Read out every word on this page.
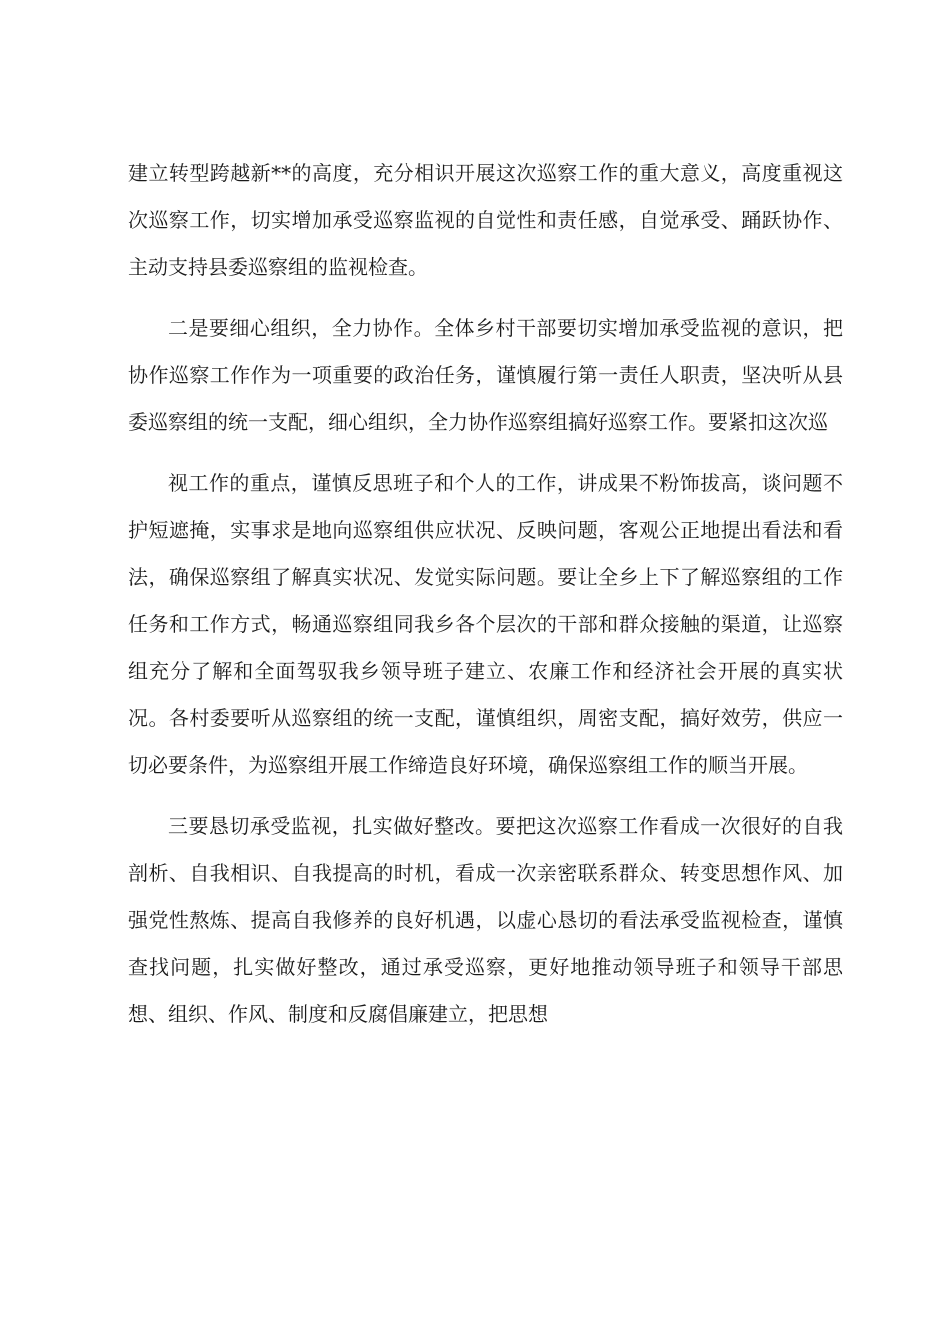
建立转型跨越新**的高度，充分相识开展这次巡察工作的重大意义，高度重视这次巡察工作，切实增加承受巡察监视的自觉性和责任感，自觉承受、踊跃协作、主动支持县委巡察组的监视检查。

二是要细心组织，全力协作。全体乡村干部要切实增加承受监视的意识，把协作巡察工作作为一项重要的政治任务，谨慎履行第一责任人职责，坚决听从县委巡察组的统一支配，细心组织，全力协作巡察组搞好巡察工作。要紧扣这次巡

视工作的重点，谨慎反思班子和个人的工作，讲成果不粉饰拔高，谈问题不护短遮掩，实事求是地向巡察组供应状况、反映问题，客观公正地提出看法和看法，确保巡察组了解真实状况、发觉实际问题。要让全乡上下了解巡察组的工作任务和工作方式，畅通巡察组同我乡各个层次的干部和群众接触的渠道，让巡察组充分了解和全面驾驭我乡领导班子建立、农廉工作和经济社会开展的真实状况。各村委要听从巡察组的统一支配，谨慎组织，周密支配，搞好效劳，供应一切必要条件，为巡察组开展工作缔造良好环境，确保巡察组工作的顺当开展。

三要恳切承受监视，扎实做好整改。要把这次巡察工作看成一次很好的自我剖析、自我相识、自我提高的时机，看成一次亲密联系群众、转变思想作风、加强党性熬炼、提高自我修养的良好机遇，以虚心恳切的看法承受监视检查，谨慎查找问题，扎实做好整改，通过承受巡察，更好地推动领导班子和领导干部思想、组织、作风、制度和反腐倡廉建立，把思想
